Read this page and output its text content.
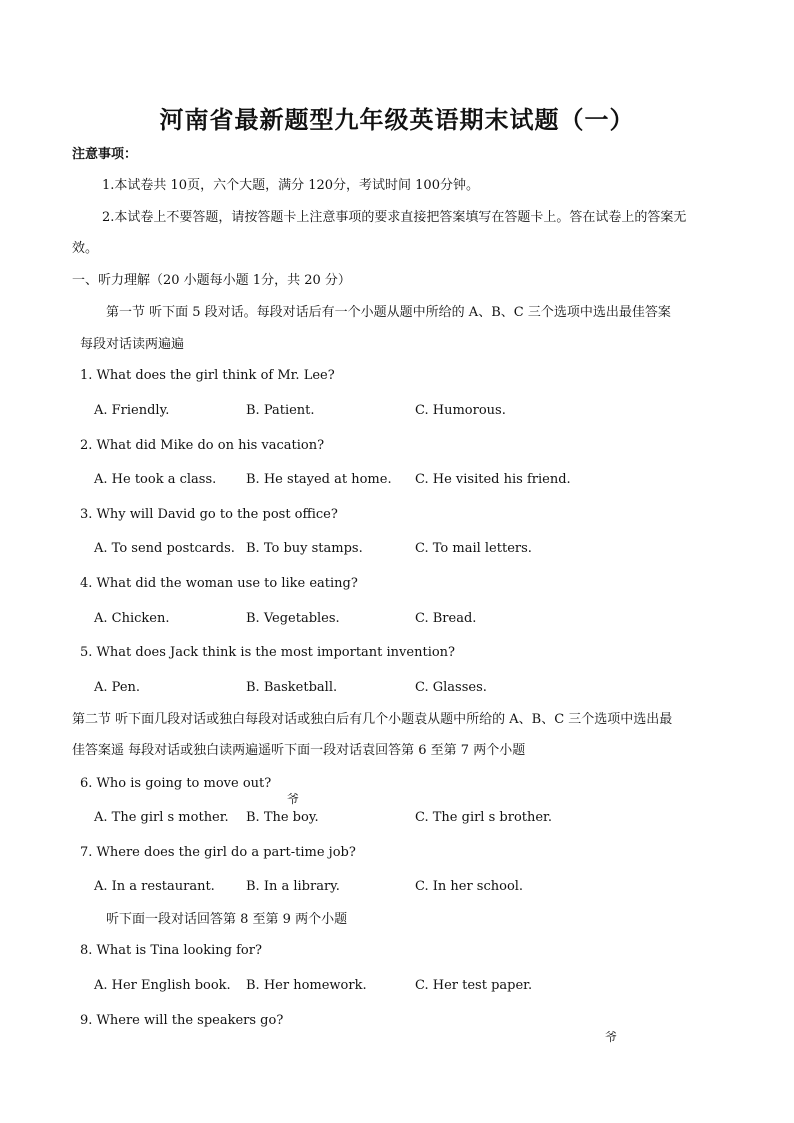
河南省最新题型九年级英语期末试题（一）
注意事项：
1.本试卷共 10页，六个大题，满分 120分，考试时间 100分钟。
2.本试卷上不要答题，请按答题卡上注意事项的要求直接把答案填写在答题卡上。答在试卷上的答案无
效。
一、听力理解（20 小题每小题 1分，共 20 分）
第一节 听下面 5 段对话。每段对话后有一个小题从题中所给的 A、B、C 三个选项中选出最佳答案
每段对话读两遍遍
1. What does the girl think of Mr. Lee?
A. Friendly.	B. Patient.	C. Humorous.
2. What did Mike do on his vacation?
A. He took a class. B. He stayed at home. C. He visited his friend.
3. Why will David go to the post office?
A. To send postcards. B. To buy stamps.	C. To mail letters.
4. What did the woman use to like eating?
A. Chicken.	B. Vegetables.	C. Bread.
5. What does Jack think is the most important invention?
A. Pen.	B. Basketball.	C. Glasses.
第二节 听下面几段对话或独白每段对话或独白后有几个小题袁从题中所给的 A、B、C 三个选项中选出最
佳答案遥 每段对话或独白读两遍遥听下面一段对话袁回答第 6 至第 7 两个小题
6. Who is going to move out?
爷
A. The girl s mother. B. The boy.	C. The girl s brother.
7. Where does the girl do a part-time job?
A. In a restaurant. B. In a library.	C. In her school.
听下面一段对话回答第 8 至第 9 两个小题
8. What is Tina looking for?
A. Her English book. B. Her homework.	C. Her test paper.
9. Where will the speakers go?
爷
